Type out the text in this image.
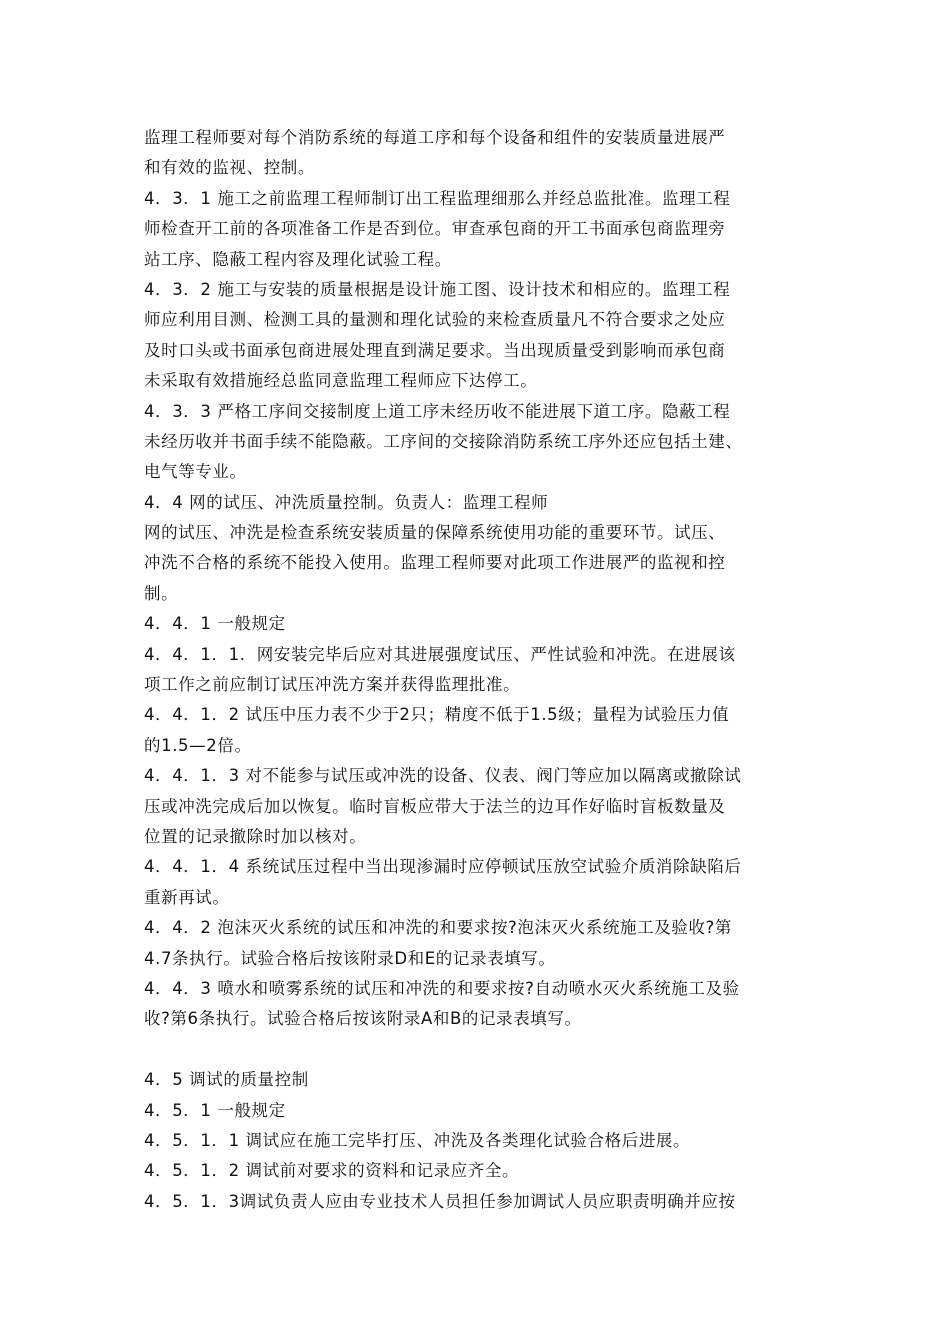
监理工程师要对每个消防系统的每道工序和每个设备和组件的安装质量进展严
和有效的监视、控制。
4．3．1 施工之前监理工程师制订出工程监理细那么并经总监批准。监理工程
师检查开工前的各项准备工作是否到位。审查承包商的开工书面承包商监理旁
站工序、隐蔽工程内容及理化试验工程。
4．3．2 施工与安装的质量根据是设计施工图、设计技术和相应的。监理工程
师应利用目测、检测工具的量测和理化试验的来检查质量凡不符合要求之处应
及时口头或书面承包商进展处理直到满足要求。当出现质量受到影响而承包商
未采取有效措施经总监同意监理工程师应下达停工。
4．3．3 严格工序间交接制度上道工序未经历收不能进展下道工序。隐蔽工程
未经历收并书面手续不能隐蔽。工序间的交接除消防系统工序外还应包括土建、
电气等专业。
4．4 网的试压、冲洗质量控制。负责人：监理工程师
网的试压、冲洗是检查系统安装质量的保障系统使用功能的重要环节。试压、
冲洗不合格的系统不能投入使用。监理工程师要对此项工作进展严的监视和控
制。
4．4．1 一般规定
4．4．1．1．网安装完毕后应对其进展强度试压、严性试验和冲洗。在进展该
项工作之前应制订试压冲洗方案并获得监理批准。
4．4．1．2 试压中压力表不少于2只；精度不低于1.5级；量程为试验压力值
的1.5—2倍。
4．4．1．3 对不能参与试压或冲洗的设备、仪表、阀门等应加以隔离或撤除试
压或冲洗完成后加以恢复。临时盲板应带大于法兰的边耳作好临时盲板数量及
位置的记录撤除时加以核对。
4．4．1．4 系统试压过程中当出现渗漏时应停顿试压放空试验介质消除缺陷后
重新再试。
4．4．2 泡沫灭火系统的试压和冲洗的和要求按?泡沫灭火系统施工及验收?第
4.7条执行。试验合格后按该附录D和E的记录表填写。
4．4．3 喷水和喷雾系统的试压和冲洗的和要求按?自动喷水灭火系统施工及验
收?第6条执行。试验合格后按该附录A和B的记录表填写。
4．5 调试的质量控制
4．5．1 一般规定
4．5．1．1 调试应在施工完毕打压、冲洗及各类理化试验合格后进展。
4．5．1．2 调试前对要求的资料和记录应齐全。
4．5．1．3调试负责人应由专业技术人员担任参加调试人员应职责明确并应按
